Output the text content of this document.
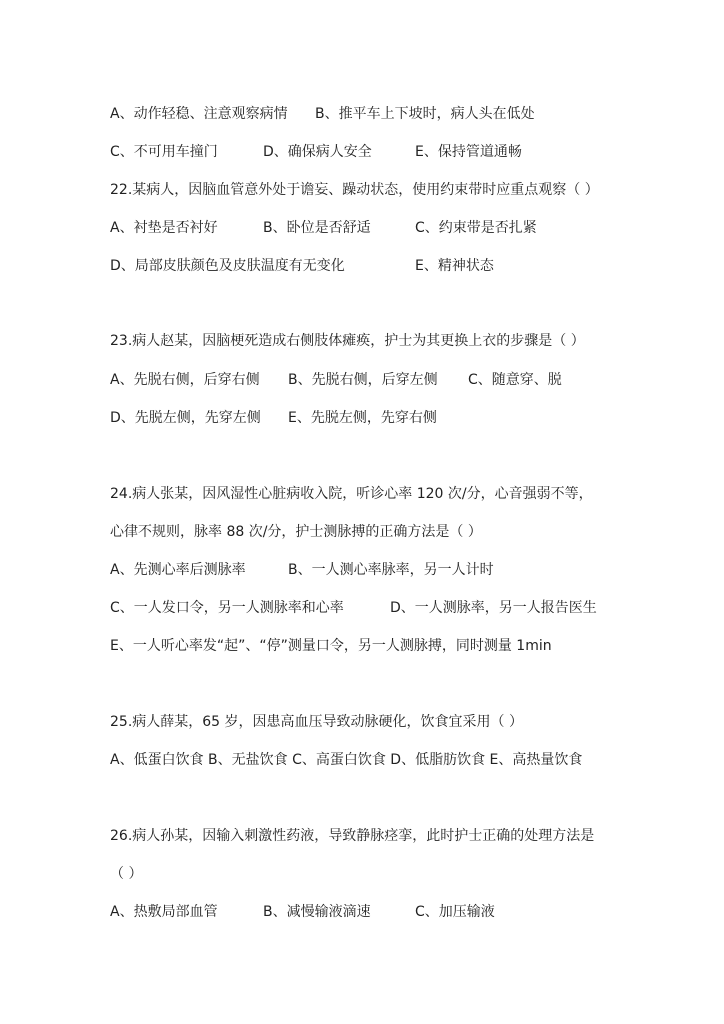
A、动作轻稳、注意观察病情 B、推平车上下坡时，病人头在低处
C、不可用车撞门	D、确保病人安全	E、保持管道通畅
22.某病人，因脑血管意外处于谵妄、躁动状态，使用约束带时应重点观察（ ）
A、衬垫是否衬好	B、卧位是否舒适	C、约束带是否扎紧
D、局部皮肤颜色及皮肤温度有无变化	E、精神状态
23.病人赵某，因脑梗死造成右侧肢体瘫痪，护士为其更换上衣的步骤是（ ）
A、先脱右侧，后穿右侧 B、先脱右侧，后穿左侧 C、随意穿、脱
D、先脱左侧，先穿左侧 E、先脱左侧，先穿右侧
24.病人张某，因风湿性心脏病收入院，听诊心率 120 次/分，心音强弱不等，
心律不规则，脉率 88 次/分，护士测脉搏的正确方法是（ ）
A、先测心率后测脉率	B、一人测心率脉率，另一人计时
C、一人发口令，另一人测脉率和心率	D、一人测脉率，另一人报告医生
E、一人听心率发“起”、“停”测量口令，另一人测脉搏，同时测量 1min
25.病人薛某，65 岁，因患高血压导致动脉硬化，饮食宜采用（ ）
A、低蛋白饮食 B、无盐饮食 C、高蛋白饮食 D、低脂肪饮食 E、高热量饮食
26.病人孙某，因输入刺激性药液，导致静脉痉挛，此时护士正确的处理方法是
（ ）
A、热敷局部血管	B、减慢输液滴速	C、加压输液
